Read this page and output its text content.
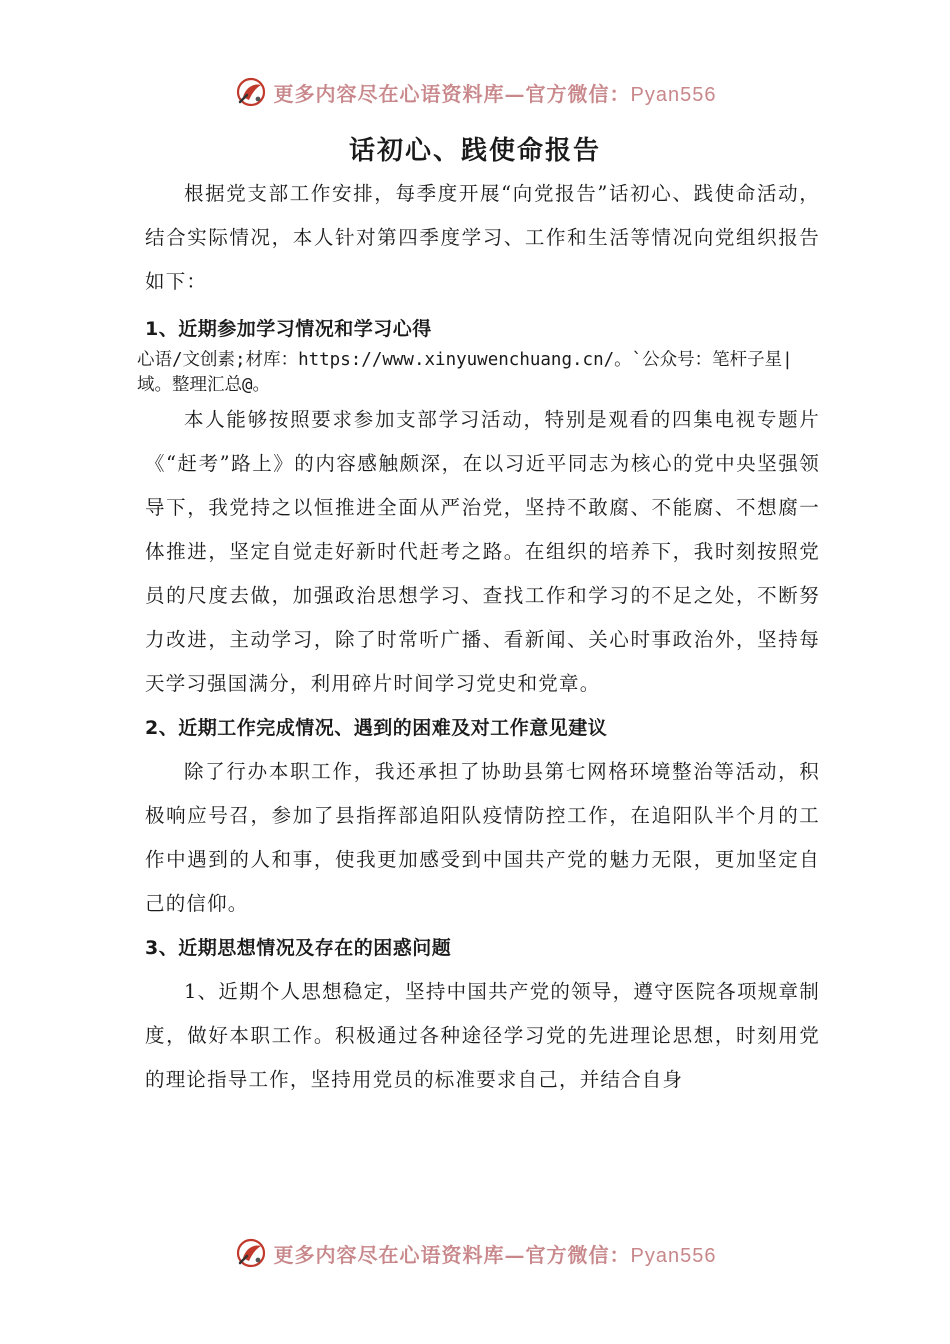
更多内容尽在心语资料库—官方微信：Pyan556
话初心、践使命报告

根据党支部工作安排，每季度开展“向党报告”话初心、践使命活动，结合实际情况，本人针对第四季度学习、工作和生活等情况向党组织报告如下：

1、近期参加学习情况和学习心得

心语/文创素;材库：https://www.xinyuwenchuang.cn/。`公众号：笔杆子星|域。整理汇总@。

本人能够按照要求参加支部学习活动，特别是观看的四集电视专题片《“赶考”路上》的内容感触颇深，在以习近平同志为核心的党中央坚强领导下，我党持之以恒推进全面从严治党，坚持不敢腐、不能腐、不想腐一体推进，坚定自觉走好新时代赶考之路。在组织的培养下，我时刻按照党员的尺度去做，加强政治思想学习、查找工作和学习的不足之处，不断努力改进，主动学习，除了时常听广播、看新闻、关心时事政治外，坚持每天学习强国满分，利用碎片时间学习党史和党章。

2、近期工作完成情况、遇到的困难及对工作意见建议

除了行办本职工作，我还承担了协助县第七网格环境整治等活动，积极响应号召，参加了县指挥部追阳队疫情防控工作，在追阳队半个月的工作中遇到的人和事，使我更加感受到中国共产党的魅力无限，更加坚定自己的信仰。

3、近期思想情况及存在的困惑问题

1、近期个人思想稳定，坚持中国共产党的领导，遵守医院各项规章制度，做好本职工作。积极通过各种途径学习党的先进理论思想，时刻用党的理论指导工作，坚持用党员的标准要求自己，并结合自身

更多内容尽在心语资料库—官方微信：Pyan556
